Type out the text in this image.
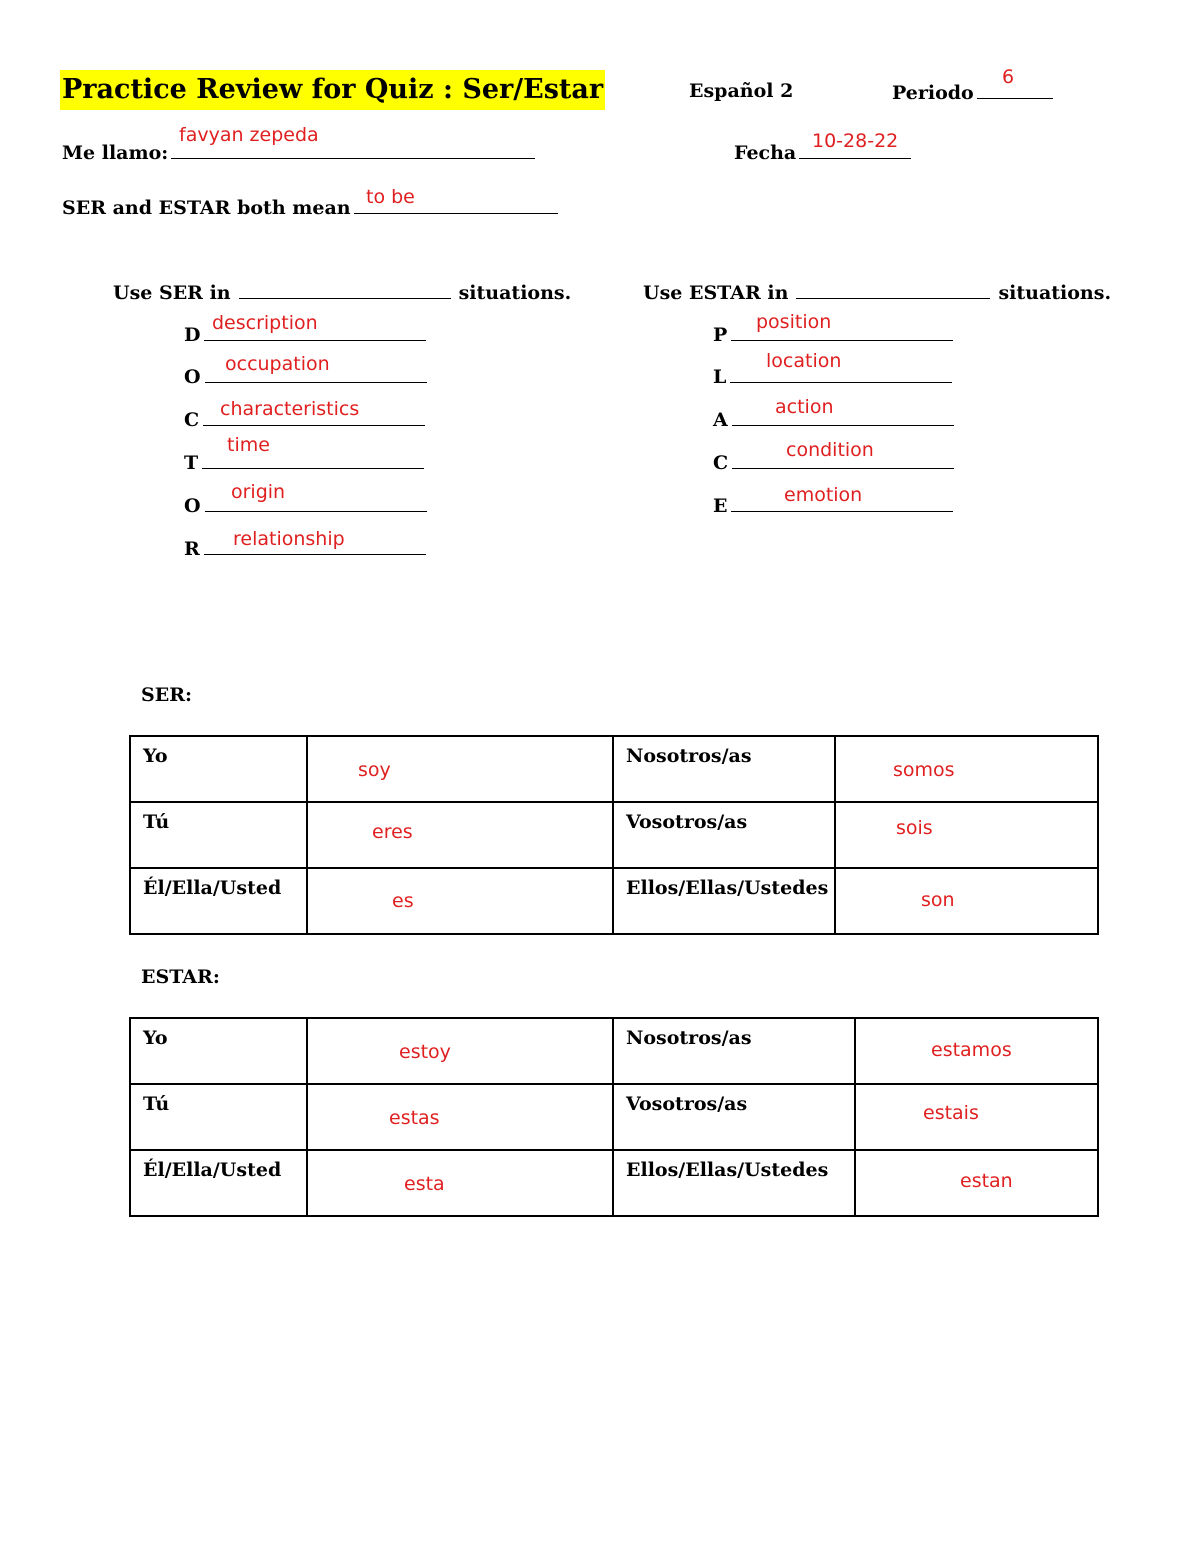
Practice Review for Quiz : Ser/Estar	Español 2	Periodo
6
Me llamo:
favyan zepeda
Fecha
10-28-22
SER and ESTAR both mean to be
Use SER in	situations.	Use ESTAR in	situations.
D
description
O
occupation
C	characteristics
T
time
O
origin
R	relationship
P
position
L
location
A
action
C
condition
E	emotion
SER:
Yo	soy	Nosotros/as	somos

Tú	eres	Vosotros/as	sois

Él/Ella/Usted	es	Ellos/Ellas/Ustedes	son
ESTAR:
Yo	estoy	Nosotros/as	estamos

Tú	estas	Vosotros/as	estais

Él/Ella/Usted	esta	Ellos/Ellas/Ustedes	estan
